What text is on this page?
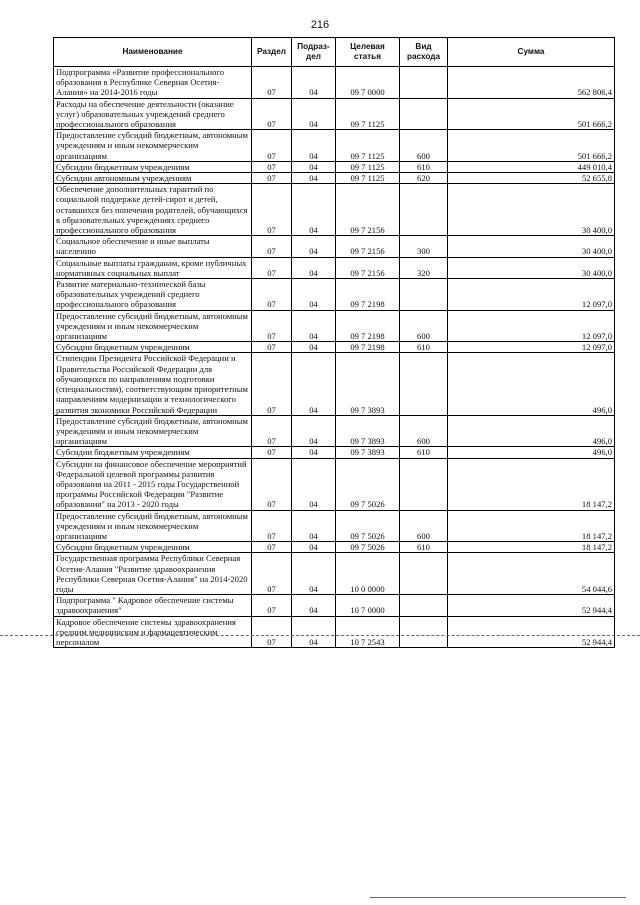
216
Наименование	Раздел	Подраз-дел	Целевая статья	Вид расхода	Сумма
Подпрограмма «Развитие профессионального образования в Республике Северная Осетия-Алания» на 2014-2016 годы	07	04	09 7 0000		562 806,4
Расходы на обеспечение деятельности (оказание услуг) образовательных учреждений среднего профессионального образования	07	04	09 7 1125		501 666,2
Предоставление субсидий бюджетным, автономным учреждениям и иным некоммерческим организациям	07	04	09 7 1125	600	501 666,2
Субсидии бюджетным учреждениям	07	04	09 7 1125	610	449 010,4
Субсидии автономным учреждениям	07	04	09 7 1125	620	52 655,8
Обеспечение дополнительных гарантий по социальной поддержке детей-сирот и детей, оставшихся без попечения родителей, обучающихся в образовательных учреждениях среднего профессионального образования	07	04	09 7 2156		30 400,0
Социальное обеспечение и иные выплаты населению	07	04	09 7 2156	300	30 400,0
Социальные выплаты гражданам, кроме публичных нормативных социальных выплат	07	04	09 7 2156	320	30 400,0
Развитие материально-технической базы образовательных учреждений среднего профессионального образования	07	04	09 7 2198		12 097,0
Предоставление субсидий бюджетным, автономным учреждениям и иным некоммерческим организациям	07	04	09 7 2198	600	12 097,0
Субсидии бюджетным учреждениям	07	04	09 7 2198	610	12 097,0
Стипендии Президента Российской Федерации и Правительства Российской Федерации для обучающихся по направлениям подготовки (специальностям), соответствующим приоритетным направлениям модернизации и технологического развития экономики Российской Федерации	07	04	09 7 3893		496,0
Предоставление субсидий бюджетным, автономным учреждениям и иным некоммерческим организациям	07	04	09 7 3893	600	496,0
Субсидии бюджетным учреждениям	07	04	09 7 3893	610	496,0
Субсидии на финансовое обеспечение мероприятий Федеральной целевой программы развития образования на 2011 - 2015 годы Государственной программы Российской Федерации "Развитие образования" на 2013 - 2020 годы	07	04	09 7 5026		18 147,2
Предоставление субсидий бюджетным, автономным учреждениям и иным некоммерческим организациям	07	04	09 7 5026	600	18 147,2
Субсидии бюджетным учреждениям	07	04	09 7 5026	610	18 147,2
Государственная программа Республики Северная Осетия-Алания "Развитие здравоохранения Республики Северная Осетия-Алания" на 2014-2020 годы	07	04	10 0 0000		54 044,6
Подпрограмма " Кадровое обеспечение системы здравоохранения"	07	04	10 7 0000		52 944,4
Кадровое обеспечение системы здравоохранения средним медицинским и фармацевтическим персоналом	07	04	10 7 2543		52 944,4
